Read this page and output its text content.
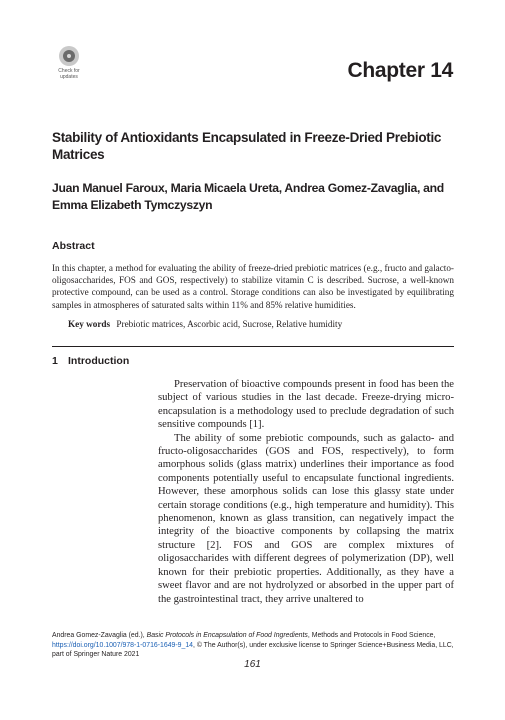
Check for
updates	Chapter 14
Stability of Antioxidants Encapsulated in Freeze-Dried Prebiotic Matrices
Juan Manuel Faroux, Maria Micaela Ureta, Andrea Gomez-Zavaglia, and Emma Elizabeth Tymczyszyn
Abstract
In this chapter, a method for evaluating the ability of freeze-dried prebiotic matrices (e.g., fructo and galacto-oligosaccharides, FOS and GOS, respectively) to stabilize vitamin C is described. Sucrose, a well-known protective compound, can be used as a control. Storage conditions can also be investigated by equilibrating samples in atmospheres of saturated salts within 11% and 85% relative humidities.
Key words Prebiotic matrices, Ascorbic acid, Sucrose, Relative humidity
1 Introduction

Preservation of bioactive compounds present in food has been the subject of various studies in the last decade. Freeze-drying micro-encapsulation is a methodology used to preclude degradation of such sensitive compounds [1].

The ability of some prebiotic compounds, such as galacto- and fructo-oligosaccharides (GOS and FOS, respectively), to form amorphous solids (glass matrix) underlines their importance as food components potentially useful to encapsulate functional ingredients. However, these amorphous solids can lose this glassy state under certain storage conditions (e.g., high temperature and humidity). This phenomenon, known as glass transition, can negatively impact the integrity of the bioactive components by collapsing the matrix structure [2]. FOS and GOS are complex mixtures of oligosaccharides with different degrees of polymerization (DP), well known for their prebiotic properties. Additionally, as they have a sweet flavor and are not hydrolyzed or absorbed in the upper part of the gastrointestinal tract, they arrive unaltered to

Andrea Gomez-Zavaglia (ed.), Basic Protocols in Encapsulation of Food Ingredients, Methods and Protocols in Food Science,
https://doi.org/10.1007/978-1-0716-1649-9_14, © The Author(s), under exclusive license to Springer Science+Business Media, LLC, part of Springer Nature 2021
161
